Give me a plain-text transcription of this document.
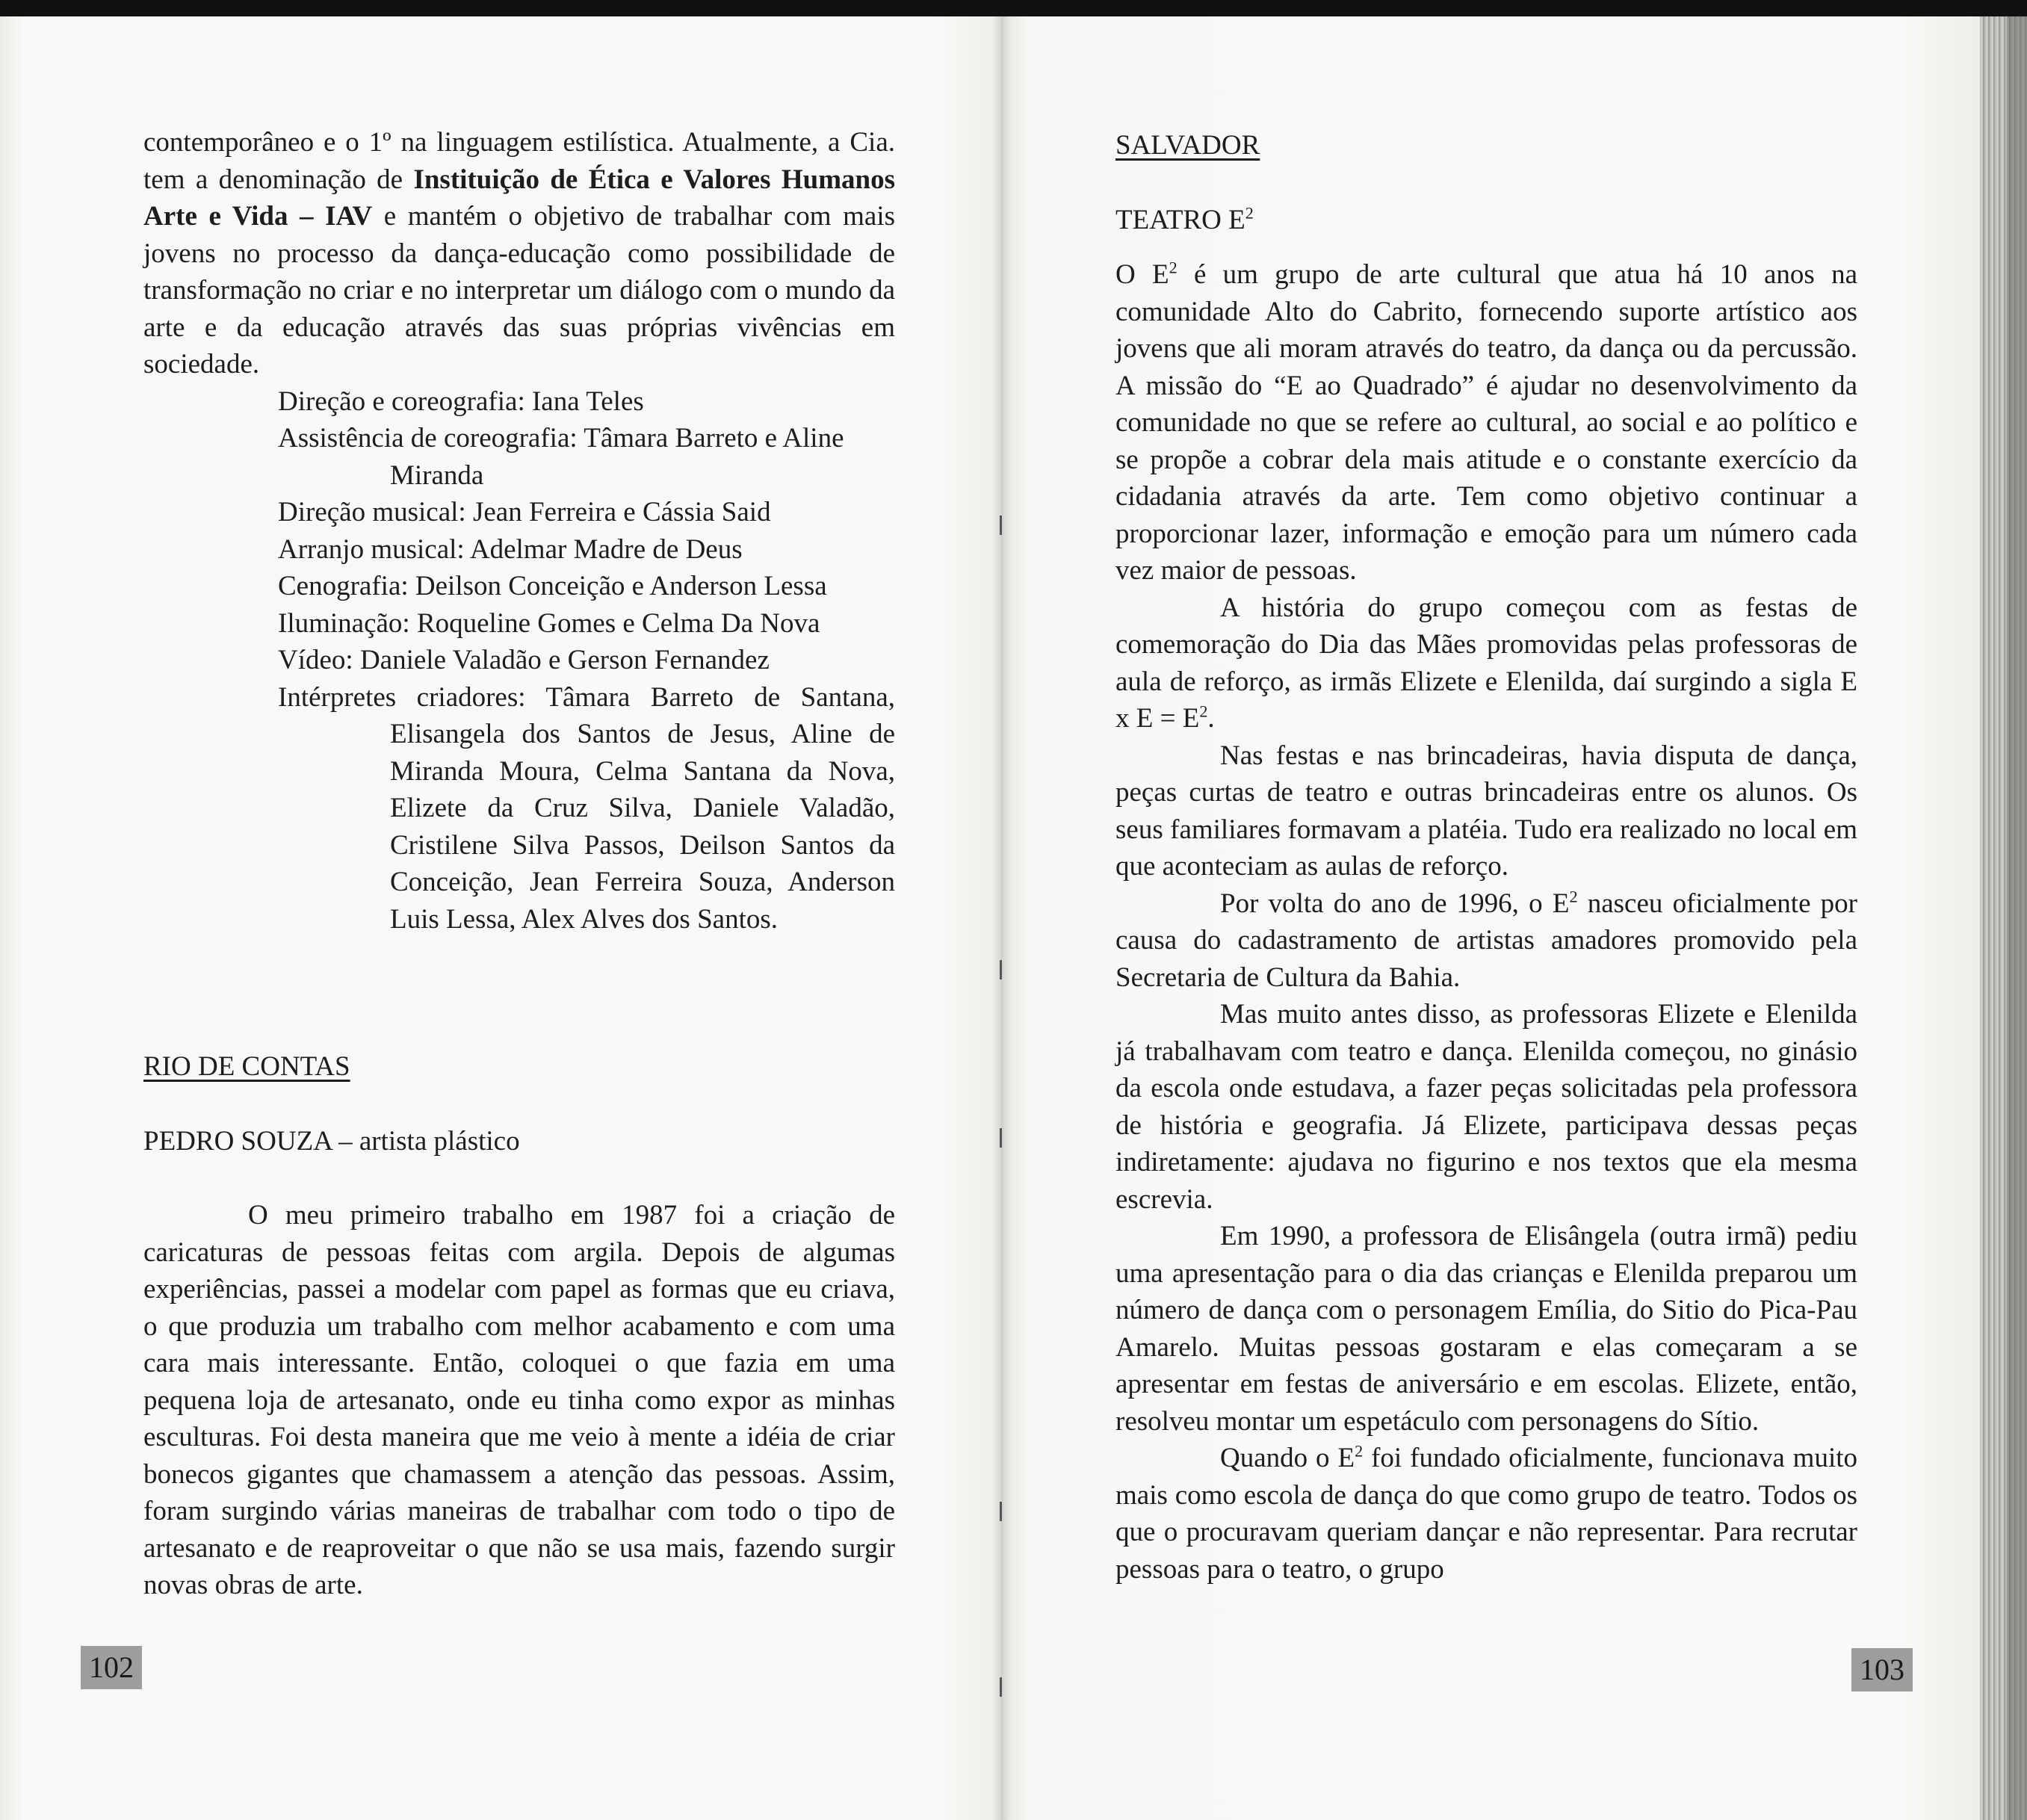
contemporâneo e o 1º na linguagem estilística. Atualmente, a Cia. tem a denominação de Instituição de Ética e Valores Humanos Arte e Vida – IAV e mantém o objetivo de trabalhar com mais jovens no processo da dança-educação como possibilidade de transformação no criar e no interpretar um diálogo com o mundo da arte e da educação através das suas próprias vivências em sociedade.

Direção e coreografia: Iana Teles

Assistência de coreografia: Tâmara Barreto e Aline Miranda

Direção musical: Jean Ferreira e Cássia Said

Arranjo musical: Adelmar Madre de Deus

Cenografia: Deilson Conceição e Anderson Lessa

Iluminação: Roqueline Gomes e Celma Da Nova

Vídeo: Daniele Valadão e Gerson Fernandez

Intérpretes criadores: Tâmara Barreto de Santana, Elisangela dos Santos de Jesus, Aline de Miranda Moura, Celma Santana da Nova, Elizete da Cruz Silva, Daniele Valadão, Cristilene Silva Passos, Deilson Santos da Conceição, Jean Ferreira Souza, Anderson Luis Lessa, Alex Alves dos Santos.

RIO DE CONTAS

PEDRO SOUZA – artista plástico

O meu primeiro trabalho em 1987 foi a criação de caricaturas de pessoas feitas com argila. Depois de algumas experiências, passei a modelar com papel as formas que eu criava, o que produzia um trabalho com melhor acabamento e com uma cara mais interessante. Então, coloquei o que fazia em uma pequena loja de artesanato, onde eu tinha como expor as minhas esculturas. Foi desta maneira que me veio à mente a idéia de criar bonecos gigantes que chamassem a atenção das pessoas. Assim, foram surgindo várias maneiras de trabalhar com todo o tipo de artesanato e de reaproveitar o que não se usa mais, fazendo surgir novas obras de arte.

102

SALVADOR

TEATRO $E^2$

O $E^2$ é um grupo de arte cultural que atua há 10 anos na comunidade Alto do Cabrito, fornecendo suporte artístico aos jovens que ali moram através do teatro, da dança ou da percussão. A missão do “E ao Quadrado” é ajudar no desenvolvimento da comunidade no que se refere ao cultural, ao social e ao político e se propõe a cobrar dela mais atitude e o constante exercício da cidadania através da arte. Tem como objetivo continuar a proporcionar lazer, informação e emoção para um número cada vez maior de pessoas.

A história do grupo começou com as festas de comemoração do Dia das Mães promovidas pelas professoras de aula de reforço, as irmãs Elizete e Elenilda, daí surgindo a sigla E x $E = E^2$.

Nas festas e nas brincadeiras, havia disputa de dança, peças curtas de teatro e outras brincadeiras entre os alunos. Os seus familiares formavam a platéia. Tudo era realizado no local em que aconteciam as aulas de reforço.

Por volta do ano de 1996, o $E^2$ nasceu oficialmente por causa do cadastramento de artistas amadores promovido pela Secretaria de Cultura da Bahia.

Mas muito antes disso, as professoras Elizete e Elenilda já trabalhavam com teatro e dança. Elenilda começou, no ginásio da escola onde estudava, a fazer peças solicitadas pela professora de história e geografia. Já Elizete, participava dessas peças indiretamente: ajudava no figurino e nos textos que ela mesma escrevia.

Em 1990, a professora de Elisângela (outra irmã) pediu uma apresentação para o dia das crianças e Elenilda preparou um número de dança com o personagem Emília, do Sitio do Pica-Pau Amarelo. Muitas pessoas gostaram e elas começaram a se apresentar em festas de aniversário e em escolas. Elizete, então, resolveu montar um espetáculo com personagens do Sítio.

Quando o $E^2$ foi fundado oficialmente, funcionava muito mais como escola de dança do que como grupo de teatro. Todos os que o procuravam queriam dançar e não representar. Para recrutar pessoas para o teatro, o grupo

103
